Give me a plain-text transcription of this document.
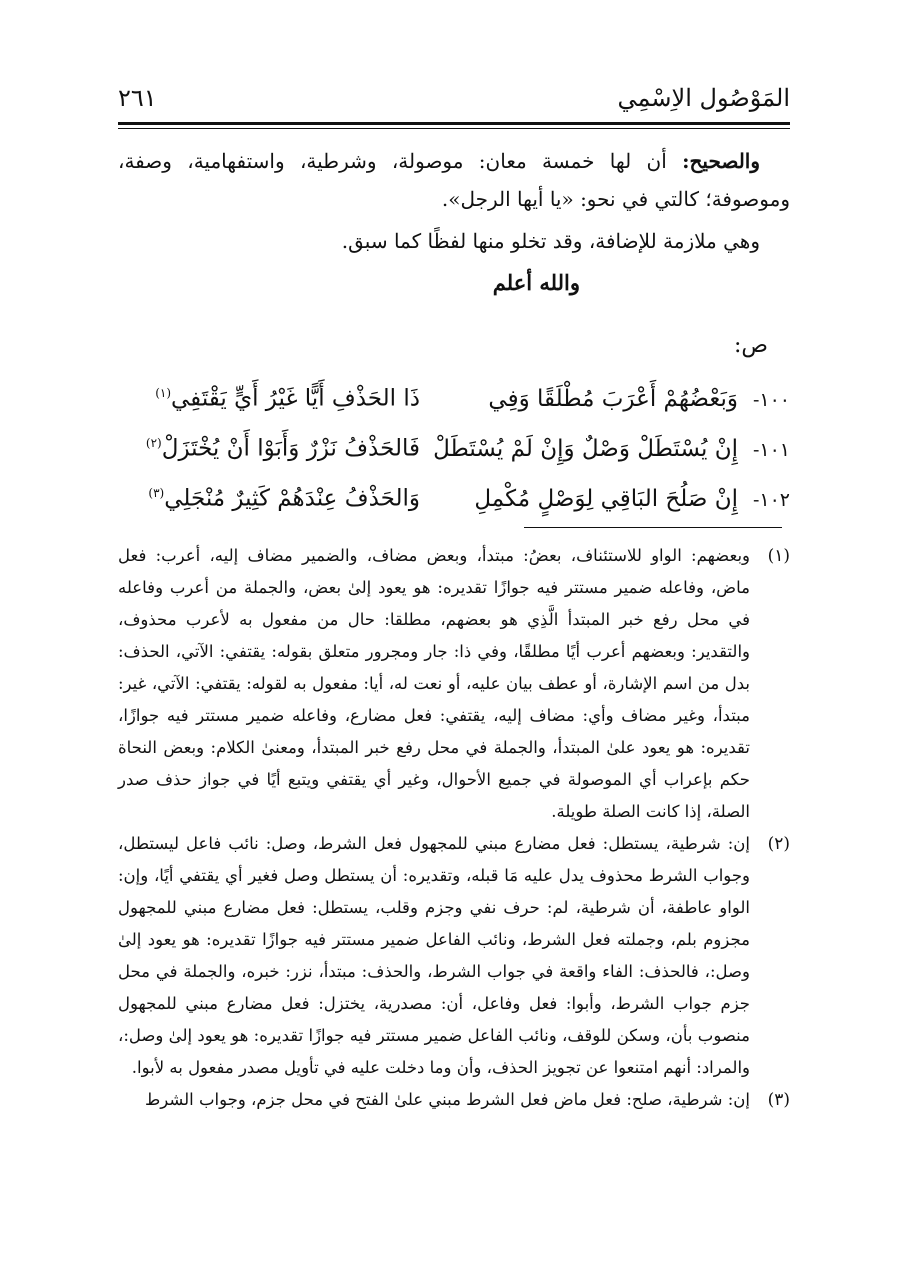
المَوْصُول الاِسْمِي
٢٦١

والصحيح: أن لها خمسة معان: موصولة، وشرطية، واستفهامية، وصفة، وموصوفة؛ كالتي في نحو: «يا أيها الرجل».

وهي ملازمة للإضافة، وقد تخلو منها لفظًا كما سبق.

والله أعلم

ص:

١٠٠-
وَبَعْضُهُمْ أَعْرَبَ مُطْلَقًا وَفِي
ذَا الحَذْفِ أَيًّا غَيْرُ أَيٍّ يَقْتَفِي$^{(١)}$
١٠١-
إِنْ يُسْتَطَلْ وَصْلٌ وَإِنْ لَمْ يُسْتَطَلْ
فَالحَذْفُ نَزْرٌ وَأَبَوْا أَنْ يُخْتَزَلْ$^{(٢)}$
١٠٢-
إِنْ صَلُحَ البَاقِي لِوَصْلٍ مُكْمِلِ
وَالحَذْفُ عِنْدَهُمْ كَثِيرٌ مُنْجَلِي$^{(٣)}$
(١)
وبعضهم: الواو للاستئناف، بعضُ: مبتدأ، وبعض مضاف، والضمير مضاف إليه، أعرب: فعل ماض، وفاعله ضمير مستتر فيه جوازًا تقديره: هو يعود إلىٰ بعض، والجملة من أعرب وفاعله في محل رفع خبر المبتدأ الَّذِي هو بعضهم، مطلقا: حال من مفعول به لأعرب محذوف، والتقدير: وبعضهم أعرب أيًا مطلقًا، وفي ذا: جار ومجرور متعلق بقوله: يقتفي: الآتي، الحذف: بدل من اسم الإشارة، أو عطف بيان عليه، أو نعت له، أيا: مفعول به لقوله: يقتفي: الآتي، غير: مبتدأ، وغير مضاف وأي: مضاف إليه، يقتفي: فعل مضارع، وفاعله ضمير مستتر فيه جوازًا، تقديره: هو يعود علىٰ المبتدأ، والجملة في محل رفع خبر المبتدأ، ومعنىٰ الكلام: وبعض النحاة حكم بإعراب أي الموصولة في جميع الأحوال، وغير أي يقتفي ويتبع أيًا في جواز حذف صدر الصلة، إذا كانت الصلة طويلة.
(٢)
إن: شرطية، يستطل: فعل مضارع مبني للمجهول فعل الشرط، وصل: نائب فاعل ليستطل، وجواب الشرط محذوف يدل عليه مَا قبله، وتقديره: أن يستطل وصل فغير أي يقتفي أيًا، وإن: الواو عاطفة، أن شرطية، لم: حرف نفي وجزم وقلب، يستطل: فعل مضارع مبني للمجهول مجزوم بلم، وجملته فعل الشرط، ونائب الفاعل ضمير مستتر فيه جوازًا تقديره: هو يعود إلىٰ وصل:، فالحذف: الفاء واقعة في جواب الشرط، والحذف: مبتدأ، نزر: خبره، والجملة في محل جزم جواب الشرط، وأبوا: فعل وفاعل، أن: مصدرية، يختزل: فعل مضارع مبني للمجهول منصوب بأن، وسكن للوقف، ونائب الفاعل ضمير مستتر فيه جوازًا تقديره: هو يعود إلىٰ وصل:، والمراد: أنهم امتنعوا عن تجويز الحذف، وأن وما دخلت عليه في تأويل مصدر مفعول به لأبوا.
(٣)
إن: شرطية، صلح: فعل ماض فعل الشرط مبني علىٰ الفتح في محل جزم، وجواب الشرط
